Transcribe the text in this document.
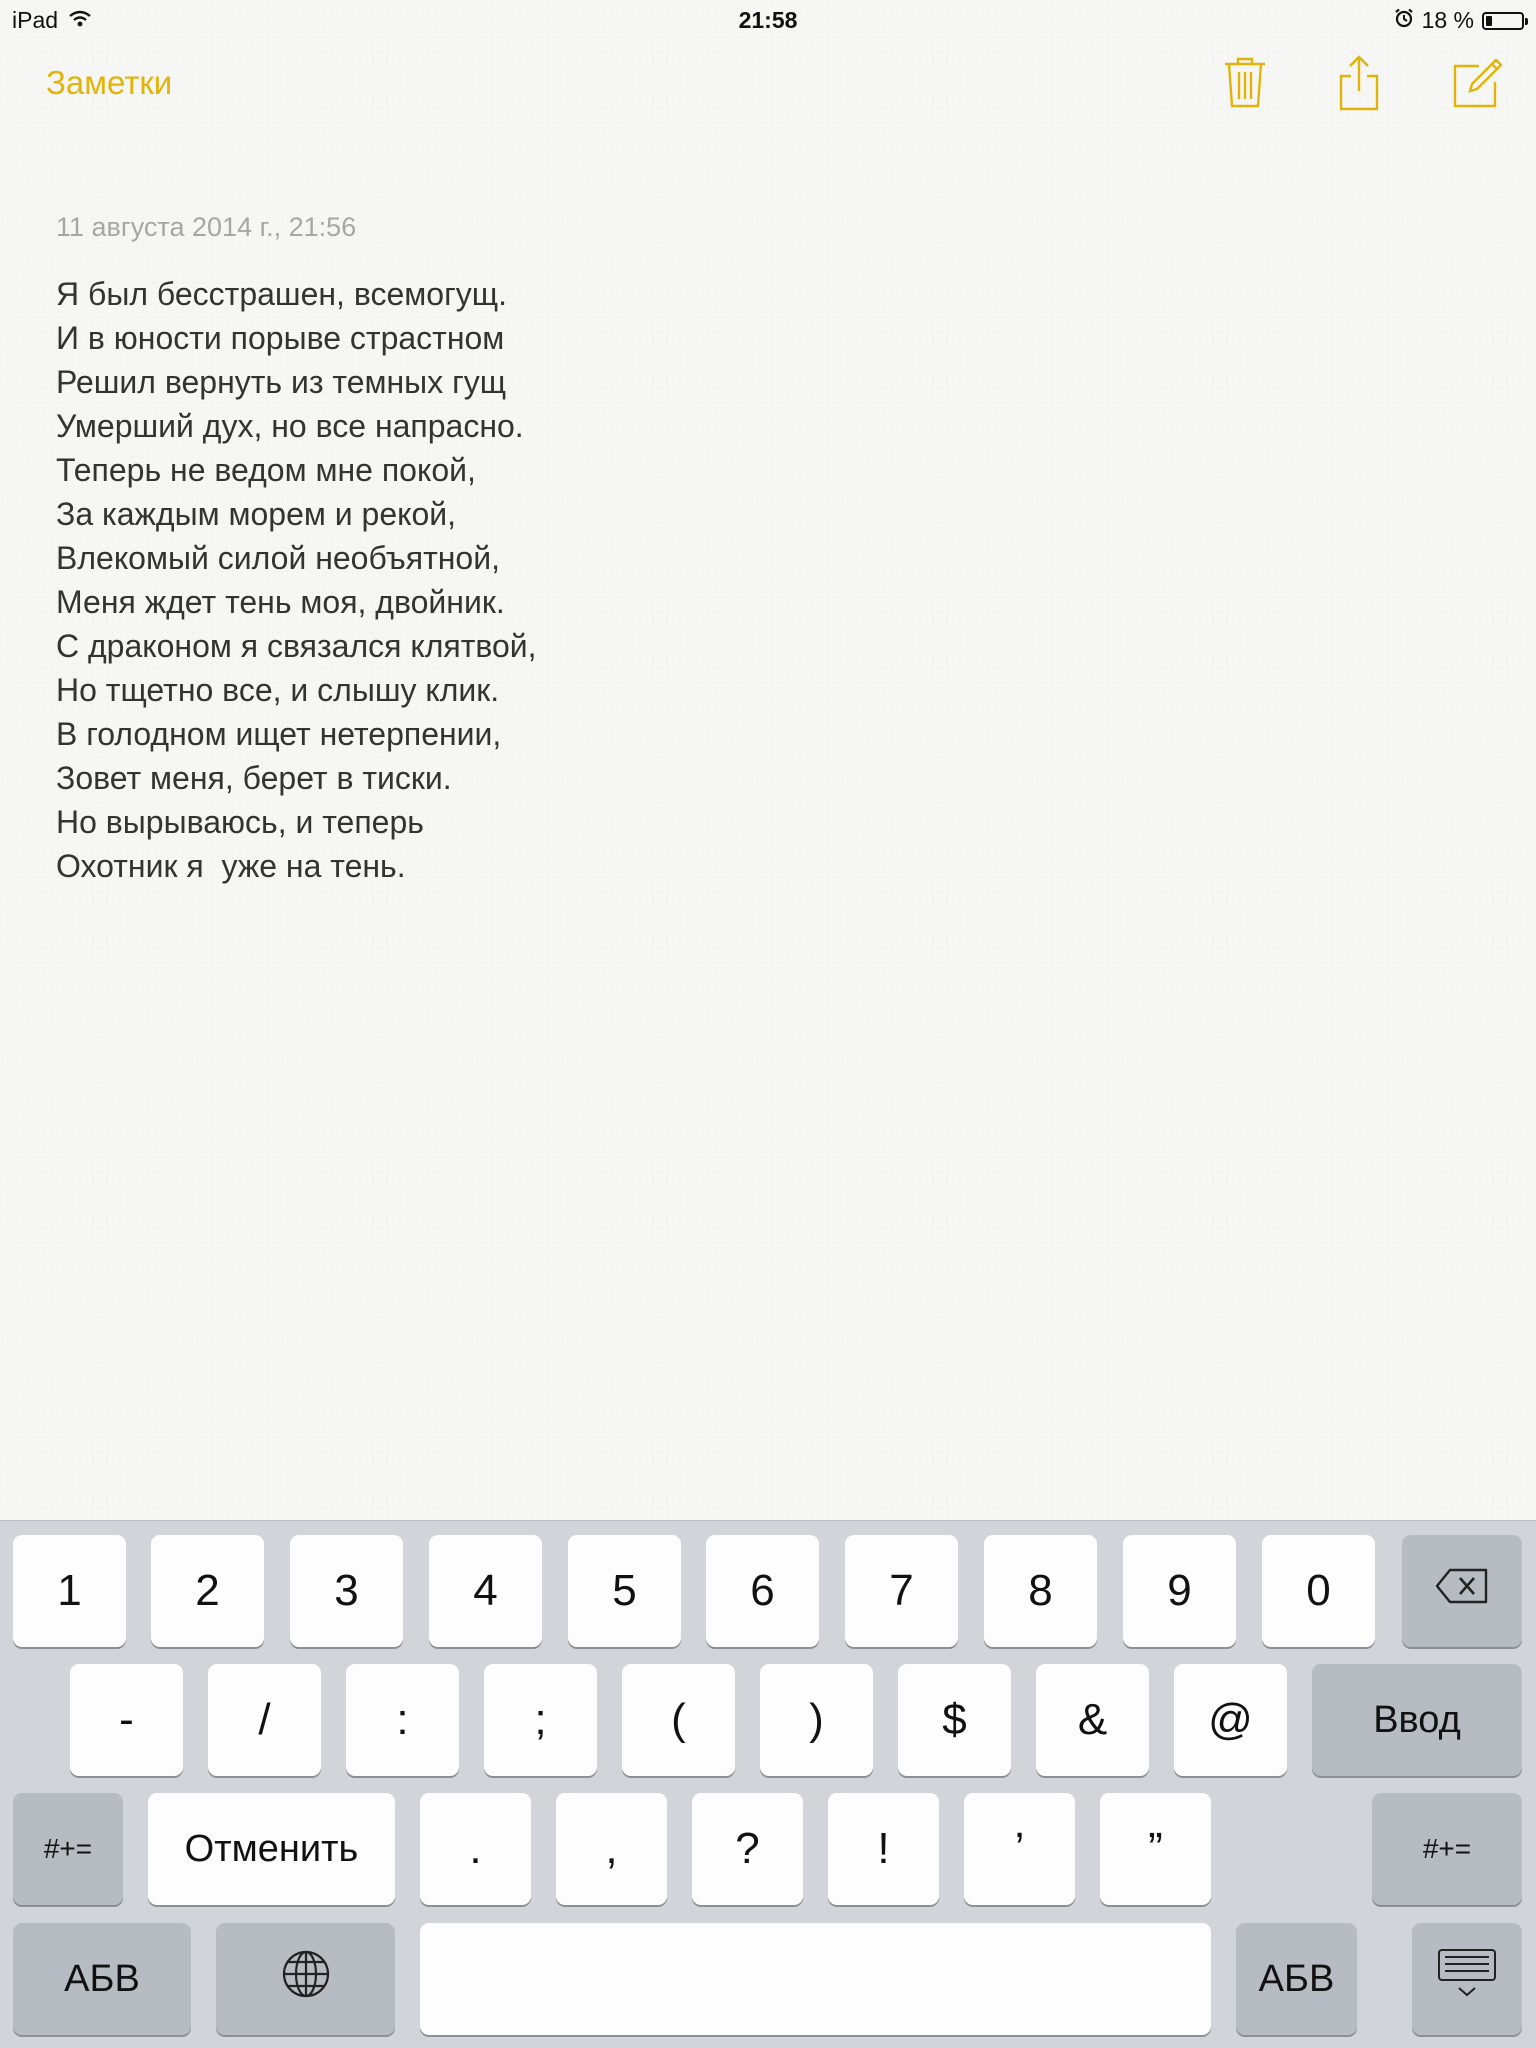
iPad	21:58	18 %
Заметки
11 августа 2014 г., 21:56
Я был бесстрашен, всемогущ.
И в юности порыве страстном
Решил вернуть из темных гущ
Умерший дух, но все напрасно.
Теперь не ведом мне покой,
За каждым морем и рекой,
Влекомый силой необъятной,
Меня ждет тень моя, двойник.
С драконом я связался клятвой,
Но тщетно все, и слышу клик.
В голодном ищет нетерпении,
Зовет меня, берет в тиски.
Но вырываюсь, и теперь
Охотник я  уже на тень.
1	2	3	4	5	6	7	8	9	0
-	/	:	;	(	)	$	&	@	Ввод
#+=	Отменить	.	,	?	!	’	”	#+=
АБВ	АБВ
